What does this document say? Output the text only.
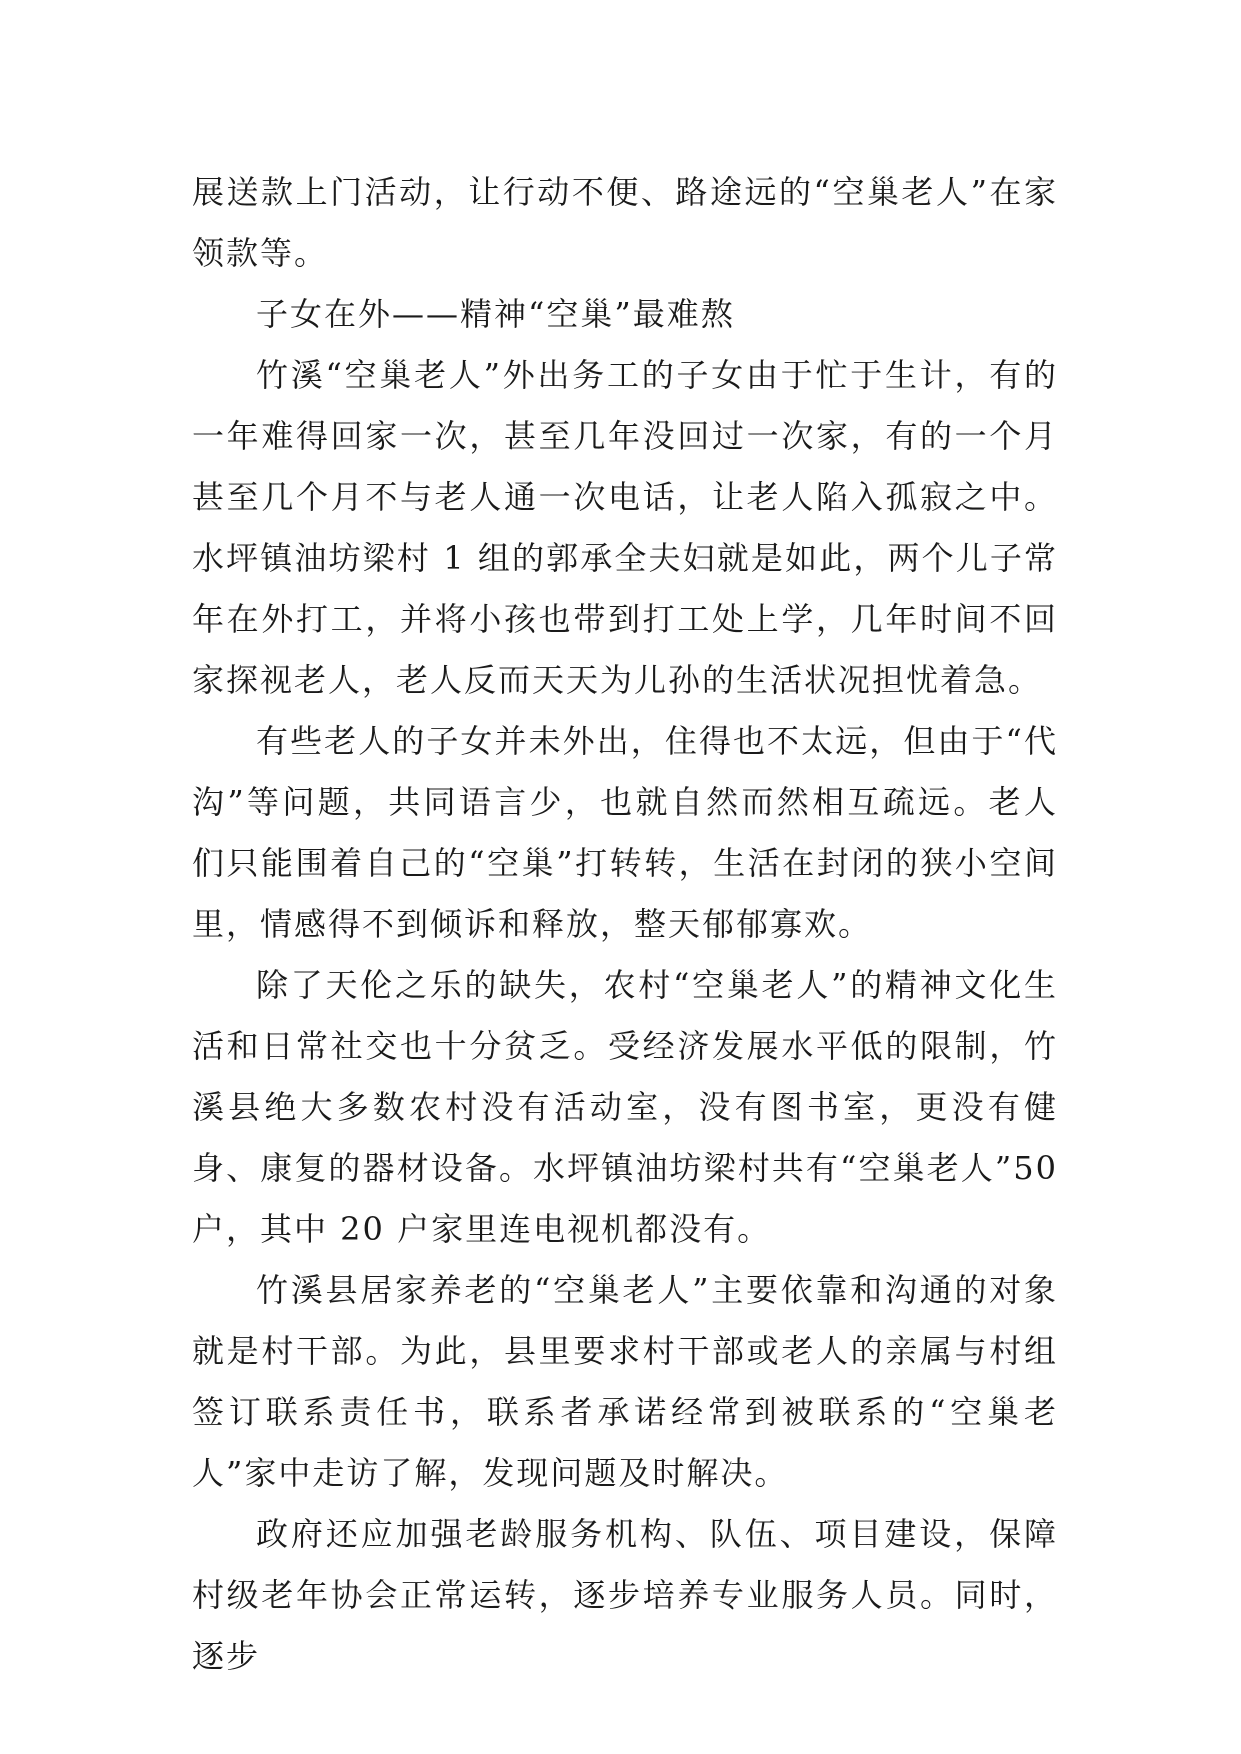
展送款上门活动，让行动不便、路途远的“空巢老人”在家领款等。

子女在外——精神“空巢”最难熬

竹溪“空巢老人”外出务工的子女由于忙于生计，有的一年难得回家一次，甚至几年没回过一次家，有的一个月甚至几个月不与老人通一次电话，让老人陷入孤寂之中。水坪镇油坊梁村 1 组的郭承全夫妇就是如此，两个儿子常年在外打工，并将小孩也带到打工处上学，几年时间不回家探视老人，老人反而天天为儿孙的生活状况担忧着急。

有些老人的子女并未外出，住得也不太远，但由于“代沟”等问题，共同语言少，也就自然而然相互疏远。老人们只能围着自己的“空巢”打转转，生活在封闭的狭小空间里，情感得不到倾诉和释放，整天郁郁寡欢。

除了天伦之乐的缺失，农村“空巢老人”的精神文化生活和日常社交也十分贫乏。受经济发展水平低的限制，竹溪县绝大多数农村没有活动室，没有图书室，更没有健身、康复的器材设备。水坪镇油坊梁村共有“空巢老人”50 户，其中 20 户家里连电视机都没有。

竹溪县居家养老的“空巢老人”主要依靠和沟通的对象就是村干部。为此，县里要求村干部或老人的亲属与村组签订联系责任书，联系者承诺经常到被联系的“空巢老人”家中走访了解，发现问题及时解决。

政府还应加强老龄服务机构、队伍、项目建设，保障村级老年协会正常运转，逐步培养专业服务人员。同时，逐步
